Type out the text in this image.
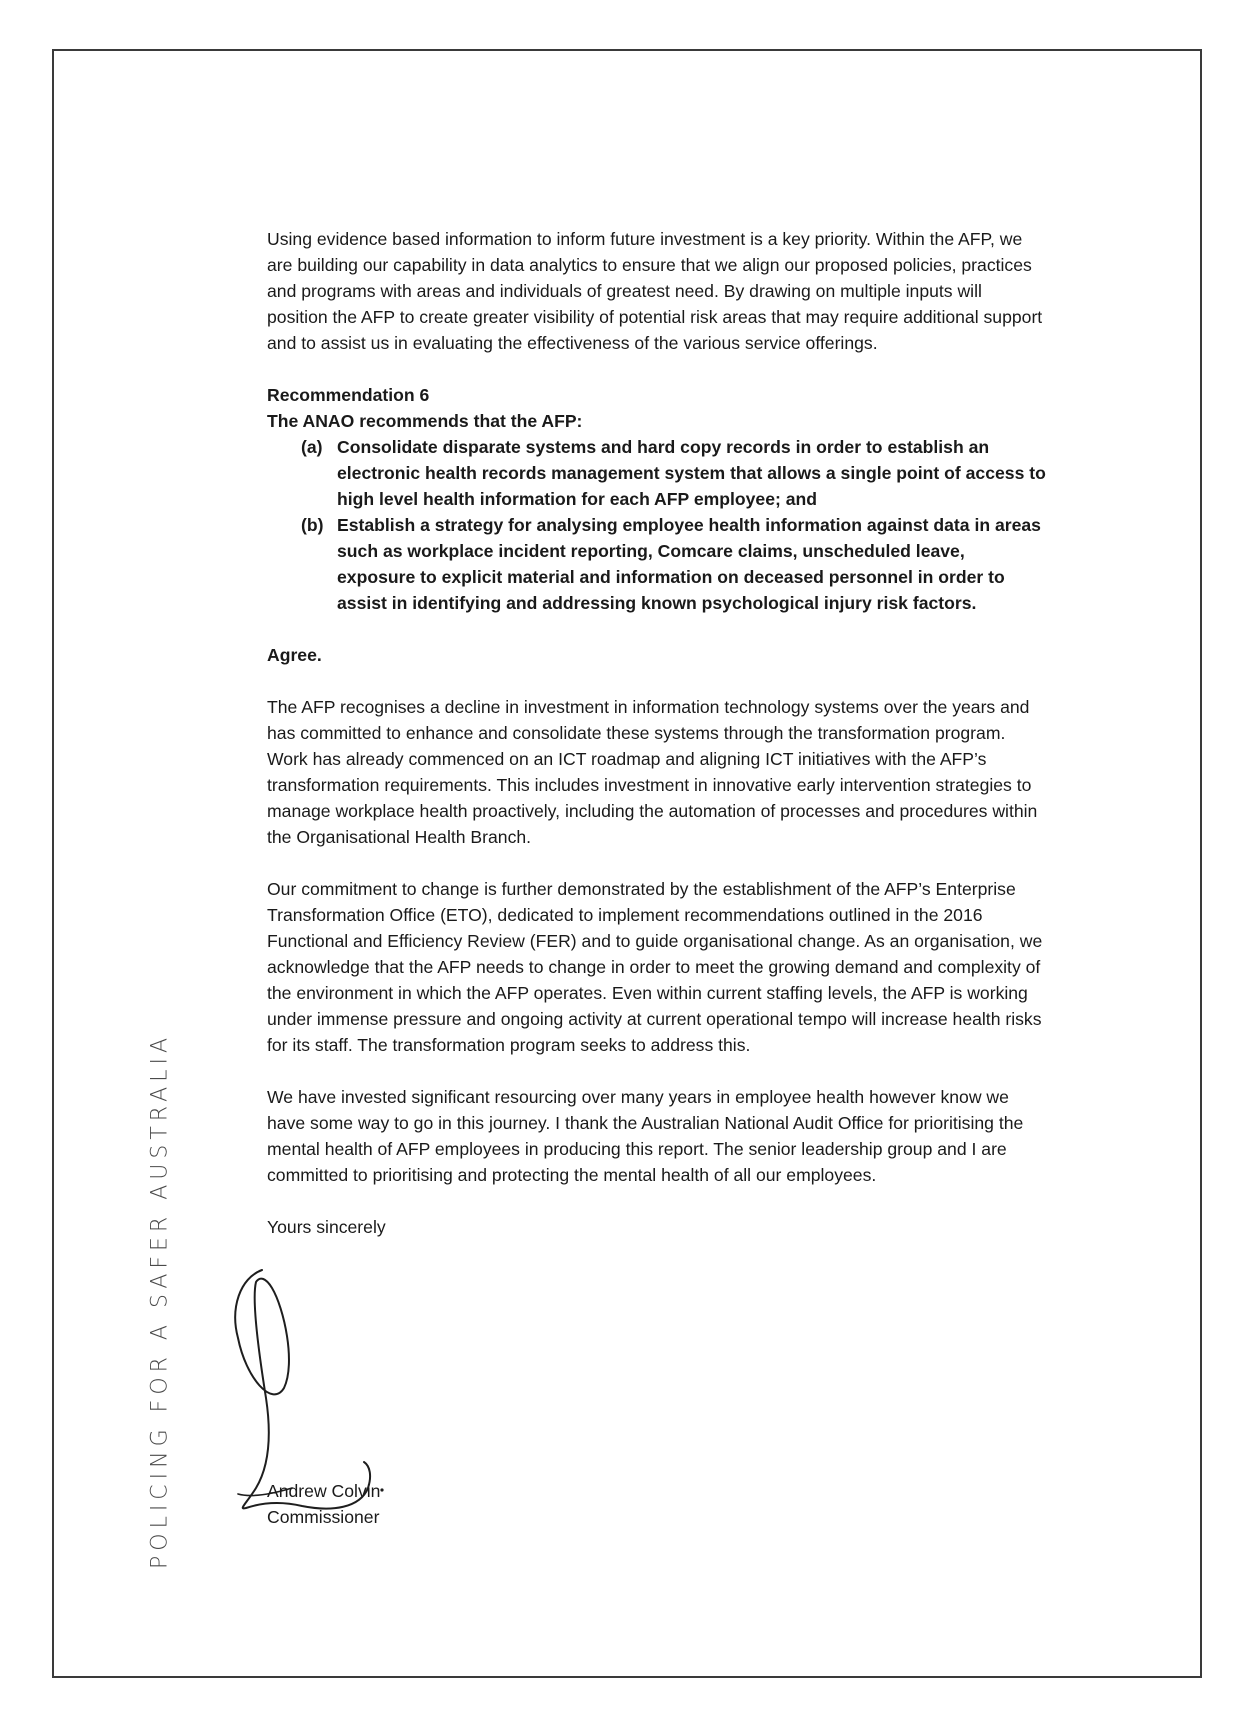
POLICING FOR A SAFER AUSTRALIA

Using evidence based information to inform future investment is a key priority. Within the AFP, we are building our capability in data analytics to ensure that we align our proposed policies, practices and programs with areas and individuals of greatest need. By drawing on multiple inputs will position the AFP to create greater visibility of potential risk areas that may require additional support and to assist us in evaluating the effectiveness of the various service offerings.

Recommendation 6

The ANAO recommends that the AFP:

(a) Consolidate disparate systems and hard copy records in order to establish an electronic health records management system that allows a single point of access to high level health information for each AFP employee; and
(b) Establish a strategy for analysing employee health information against data in areas such as workplace incident reporting, Comcare claims, unscheduled leave, exposure to explicit material and information on deceased personnel in order to assist in identifying and addressing known psychological injury risk factors.

Agree.

The AFP recognises a decline in investment in information technology systems over the years and has committed to enhance and consolidate these systems through the transformation program. Work has already commenced on an ICT roadmap and aligning ICT initiatives with the AFP’s transformation requirements. This includes investment in innovative early intervention strategies to manage workplace health proactively, including the automation of processes and procedures within the Organisational Health Branch.

Our commitment to change is further demonstrated by the establishment of the AFP’s Enterprise Transformation Office (ETO), dedicated to implement recommendations outlined in the 2016 Functional and Efficiency Review (FER) and to guide organisational change. As an organisation, we acknowledge that the AFP needs to change in order to meet the growing demand and complexity of the environment in which the AFP operates. Even within current staffing levels, the AFP is working under immense pressure and ongoing activity at current operational tempo will increase health risks for its staff. The transformation program seeks to address this.

We have invested significant resourcing over many years in employee health however know we have some way to go in this journey. I thank the Australian National Audit Office for prioritising the mental health of AFP employees in producing this report. The senior leadership group and I are committed to prioritising and protecting the mental health of all our employees.

Yours sincerely

Andrew Colvin

Commissioner
